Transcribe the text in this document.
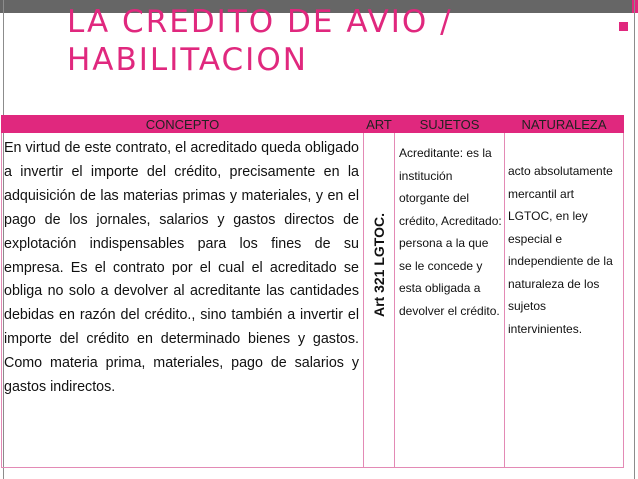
LA CREDITO DE AVIO /
HABILITACION
CONCEPTO	ART	SUJETOS	NATURALEZA

En virtud de este contrato, el acreditado queda obligado a invertir el importe del crédito, precisamente en la adquisición de las materias primas y materiales, y en el pago de los jornales, salarios y gastos directos de explotación indispensables para los fines de su empresa. Es el contrato por el cual el acreditado se obliga no solo a devolver al acreditante las cantidades debidas en razón del crédito., sino también a invertir el importe del crédito en determinado bienes y gastos. Como materia prima, materiales, pago de salarios y gastos indirectos.	Art 321 LGTOC.	Acreditante: es la institución otorgante del crédito, Acreditado: persona a la que se le concede y esta obligada a devolver el crédito.	acto absolutamente mercantil art LGTOC, en ley especial e independiente de la naturaleza de los sujetos intervinientes.
